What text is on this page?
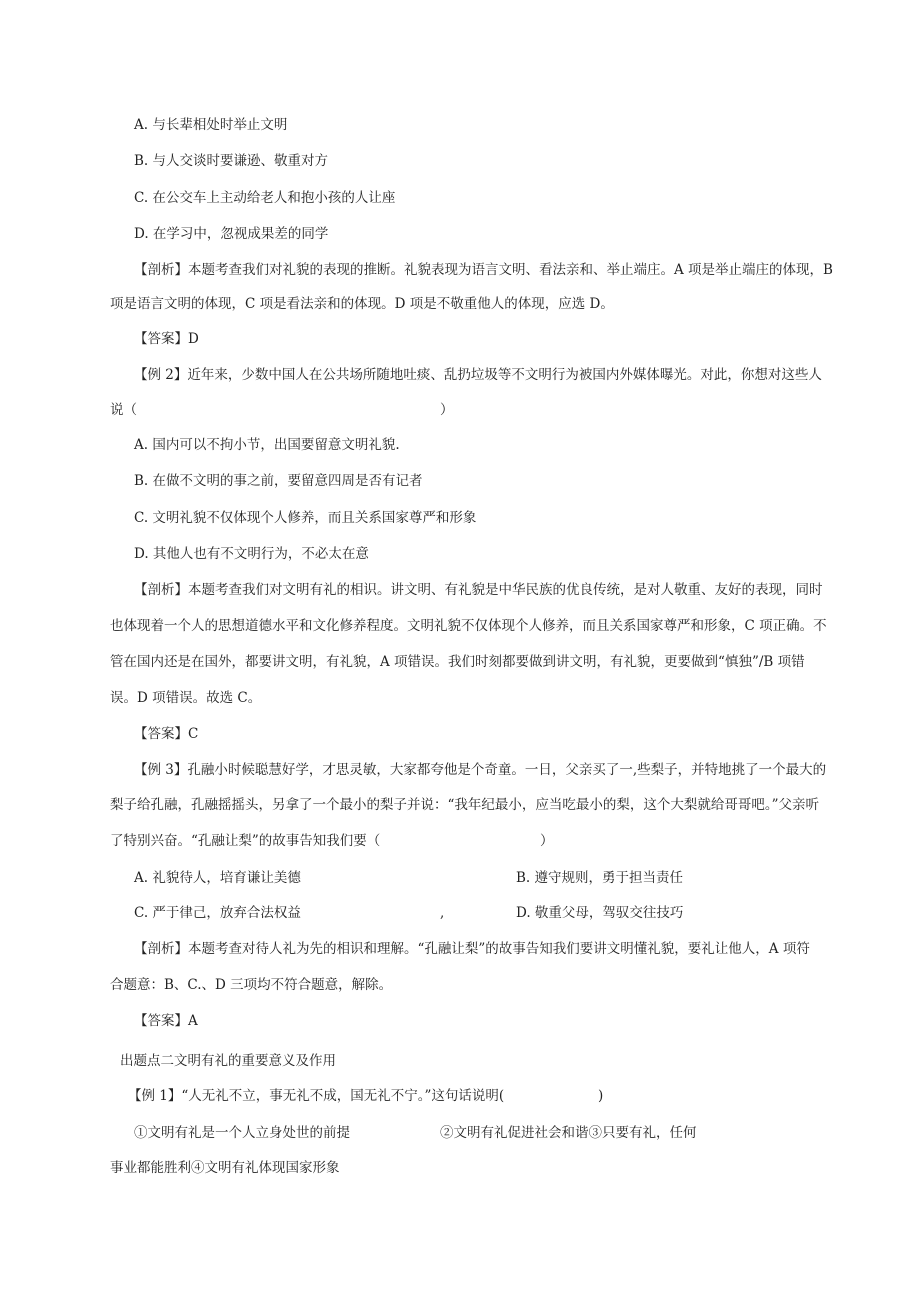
A. 与长辈相处时举止文明
B. 与人交谈时要谦逊、敬重对方
C. 在公交车上主动给老人和抱小孩的人让座
D. 在学习中，忽视成果差的同学
【剖析】本题考查我们对礼貌的表现的推断。礼貌表现为语言文明、看法亲和、举止端庄。A 项是举止端庄的体现，B
项是语言文明的体现，C 项是看法亲和的体现。D 项是不敬重他人的体现，应选 D。
【答案】D
【例 2】近年来，少数中国人在公共场所随地吐痰、乱扔垃圾等不文明行为被国内外媒体曝光。对此，你想对这些人
说（	）
A. 国内可以不拘小节，出国要留意文明礼貌.
B. 在做不文明的事之前，要留意四周是否有记者
C. 文明礼貌不仅体现个人修养，而且关系国家尊严和形象
D. 其他人也有不文明行为，不必太在意
【剖析】本题考查我们对文明有礼的相识。讲文明、有礼貌是中华民族的优良传统，是对人敬重、友好的表现，同时
也体现着一个人的思想道德水平和文化修养程度。文明礼貌不仅体现个人修养，而且关系国家尊严和形象，C 项正确。不
管在国内还是在国外，都要讲文明，有礼貌，A 项错误。我们时刻都要做到讲文明，有礼貌，更要做到“慎独”/B 项错
误。D 项错误。故选 C。
【答案】C
【例 3】孔融小时候聪慧好学，才思灵敏，大家都夸他是个奇童。一日，父亲买了一,些梨子，并特地挑了一个最大的
梨子给孔融，孔融摇摇头，另拿了一个最小的梨子并说：“我年纪最小，应当吃最小的梨，这个大梨就给哥哥吧。”父亲听
了特别兴奋。“孔融让梨”的故事告知我们要（	）
A. 礼貌待人，培育谦让美德	B. 遵守规则，勇于担当责任
C. 严于律己，放弃合法权益	,	D. 敬重父母，驾驭交往技巧
【剖析】本题考查对待人礼为先的相识和理解。“孔融让梨”的故事告知我们要讲文明懂礼貌，要礼让他人，A 项符
合题意：B、C.、D 三项均不符合题意，解除。
【答案】A
出题点二文明有礼的重要意义及作用
【例 1】“人无礼不立，事无礼不成，国无礼不宁。”这句话说明(	)
①文明有礼是一个人立身处世的前提	②文明有礼促进社会和谐③只要有礼，任何
事业都能胜利④文明有礼体现国家形象
